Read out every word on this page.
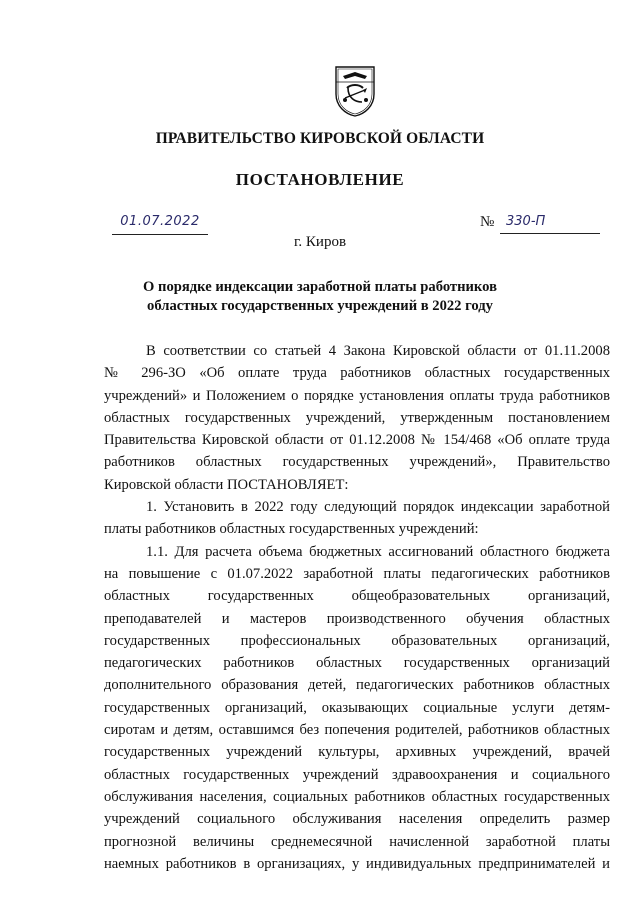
ПРАВИТЕЛЬСТВО КИРОВСКОЙ ОБЛАСТИ
ПОСТАНОВЛЕНИЕ
01.07.2022	№ 330-П
г. Киров
О порядке индексации заработной платы работников
областных государственных учреждений в 2022 году
В соответствии со статьей 4 Закона Кировской области от 01.11.2008
№ 296-ЗО «Об оплате труда работников областных государственных
учреждений» и Положением о порядке установления оплаты труда работников
областных государственных учреждений, утвержденным постановлением
Правительства Кировской области от 01.12.2008 № 154/468 «Об оплате труда
работников областных государственных учреждений», Правительство
Кировской области ПОСТАНОВЛЯЕТ:
1. Установить в 2022 году следующий порядок индексации заработной
платы работников областных государственных учреждений:
1.1. Для расчета объема бюджетных ассигнований областного бюджета
на повышение с 01.07.2022 заработной платы педагогических работников
областных государственных общеобразовательных организаций,
преподавателей и мастеров производственного обучения областных
государственных профессиональных образовательных организаций,
педагогических работников областных государственных организаций
дополнительного образования детей, педагогических работников областных
государственных организаций, оказывающих социальные услуги детям-
сиротам и детям, оставшимся без попечения родителей, работников областных
государственных учреждений культуры, архивных учреждений, врачей
областных государственных учреждений здравоохранения и социального
обслуживания населения, социальных работников областных государственных
учреждений социального обслуживания населения определить размер
прогнозной величины среднемесячной начисленной заработной платы
наемных работников в организациях, у индивидуальных предпринимателей и
